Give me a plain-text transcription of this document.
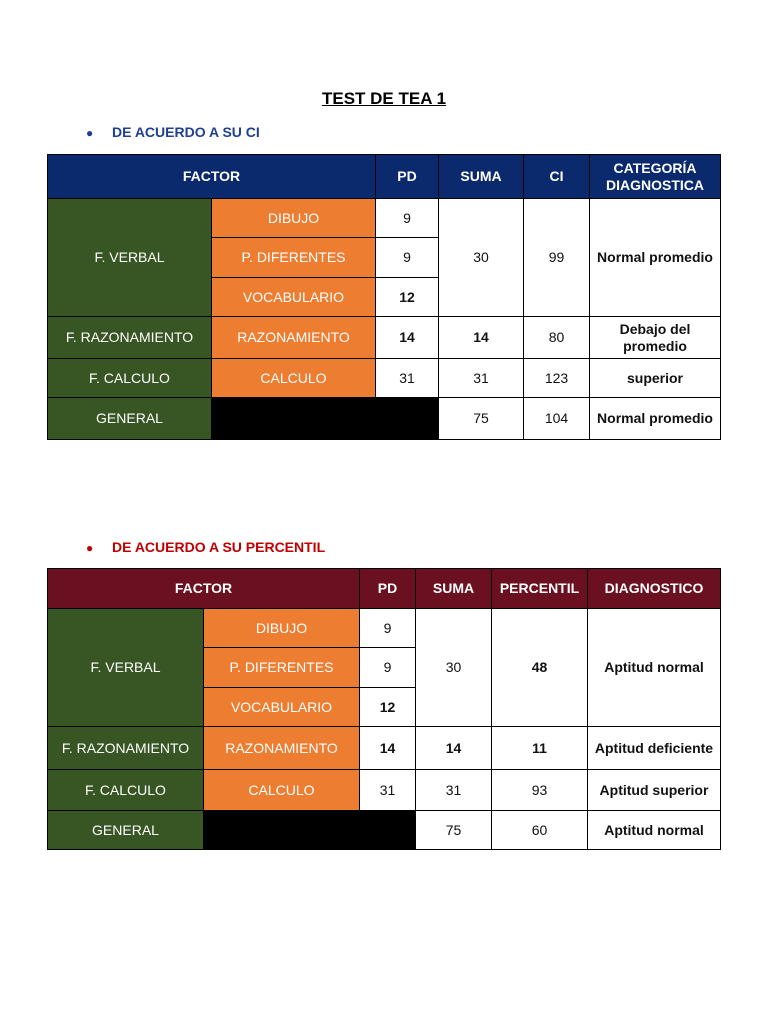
TEST DE TEA 1
● DE ACUERDO A SU CI
FACTOR		PD	SUMA	CI	CATEGORÍA DIAGNOSTICA
F. VERBAL	DIBUJO	9	30	99	Normal promedio
	P. DIFERENTES	9			
	VOCABULARIO	12			
F. RAZONAMIENTO	RAZONAMIENTO	14	14	80	Debajo del promedio
F. CALCULO	CALCULO	31	31	123	superior
GENERAL			75	104	Normal promedio
● DE ACUERDO A SU PERCENTIL
FACTOR		PD	SUMA	PERCENTIL	DIAGNOSTICO
F. VERBAL	DIBUJO	9	30	48	Aptitud normal
	P. DIFERENTES	9			
	VOCABULARIO	12			
F. RAZONAMIENTO	RAZONAMIENTO	14	14	11	Aptitud deficiente
F. CALCULO	CALCULO	31	31	93	Aptitud superior
GENERAL			75	60	Aptitud normal
